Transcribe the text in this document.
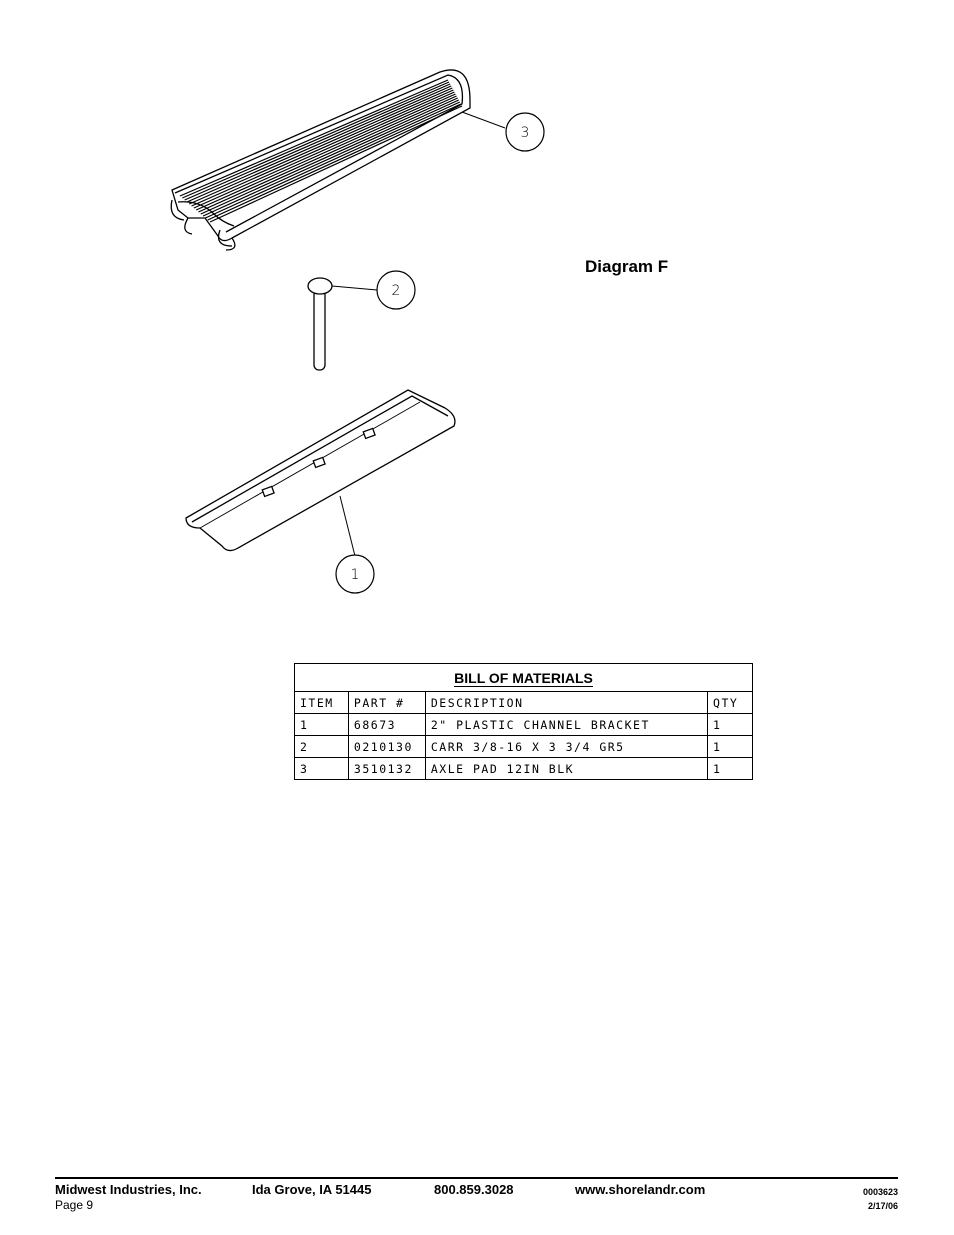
3
2
1
Diagram F
BILL OF MATERIALS			
ITEM	PART #	DESCRIPTION	QTY
1	68673	2" PLASTIC CHANNEL BRACKET	1
2	0210130	CARR 3/8-16 X 3 3/4 GR5	1
3	3510132	AXLE PAD 12IN BLK	1
Midwest Industries, Inc.	Ida Grove, IA 51445	800.859.3028	www.shorelandr.com
Page 9
0003623
2/17/06
